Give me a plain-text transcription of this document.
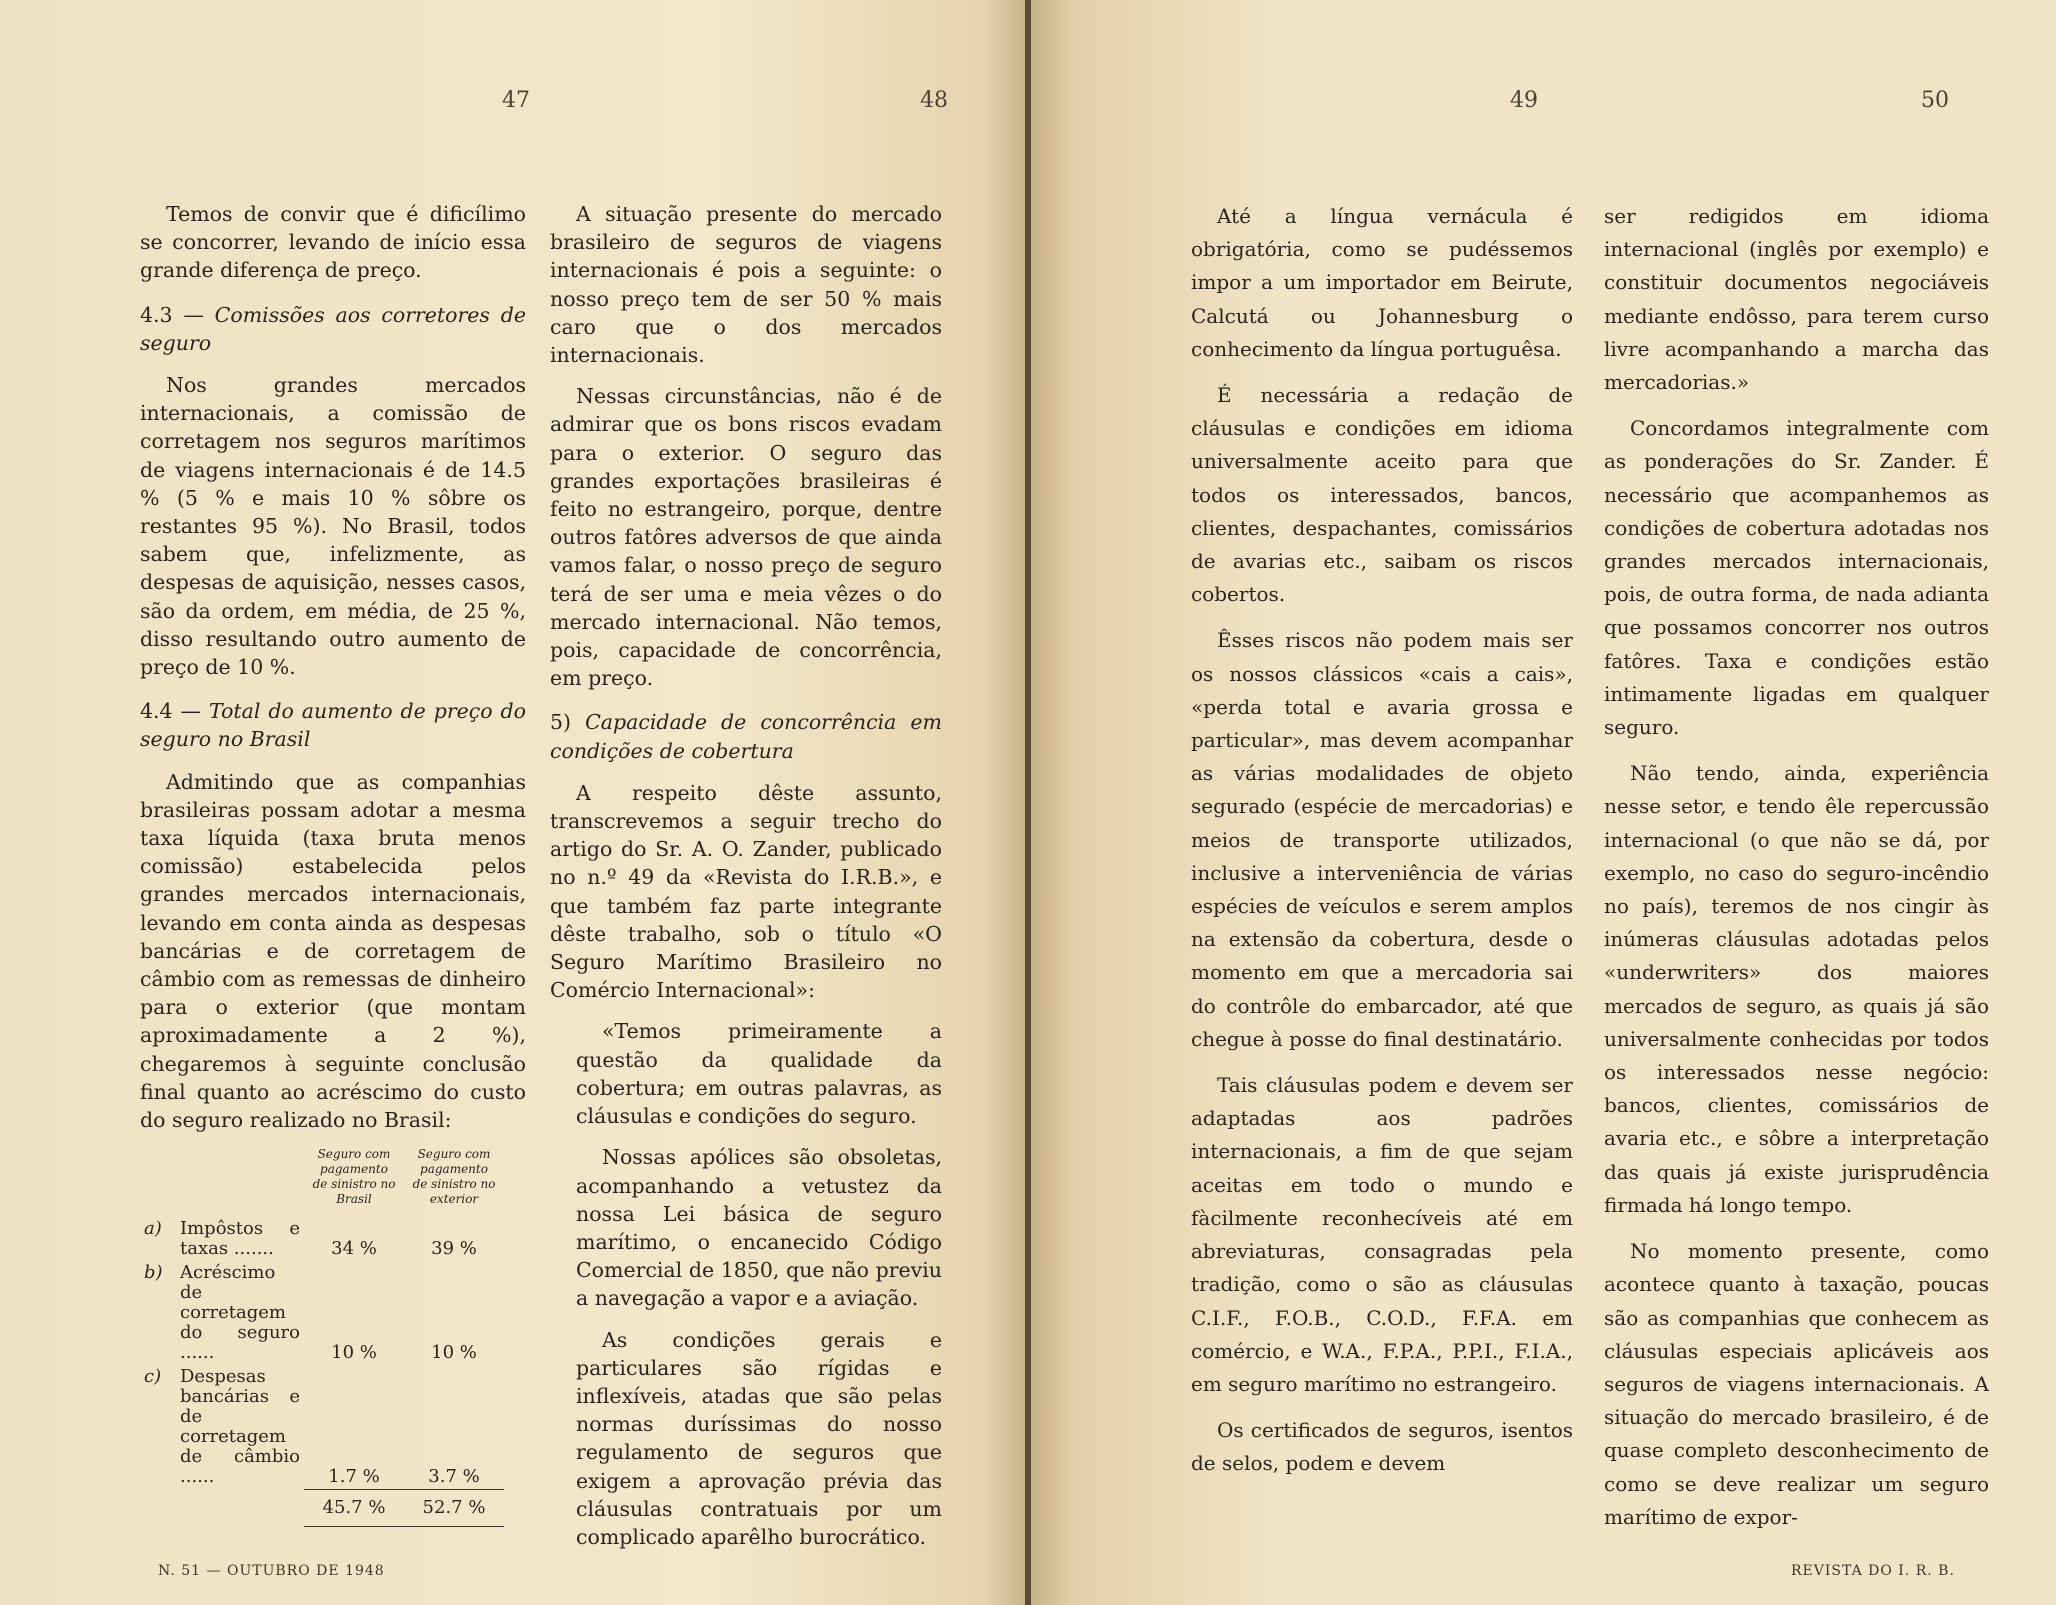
47	48

Temos de convir que é dificílimo se concorrer, levando de início essa grande diferença de preço.

4.3 — Comissões aos corretores de seguro

Nos grandes mercados internacionais, a comissão de corretagem nos seguros marítimos de viagens internacionais é de 14.5 % (5 % e mais 10 % sôbre os restantes 95 %). No Brasil, todos sabem que, infelizmente, as despesas de aquisição, nesses casos, são da ordem, em média, de 25 %, disso resultando outro aumento de preço de 10 %.

4.4 — Total do aumento de preço do seguro no Brasil

Admitindo que as companhias brasileiras possam adotar a mesma taxa líquida (taxa bruta menos comissão) estabelecida pelos grandes mercados internacionais, levando em conta ainda as despesas bancárias e de corretagem de câmbio com as remessas de dinheiro para o exterior (que montam aproximadamente a 2 %), chegaremos à seguinte conclusão final quanto ao acréscimo do custo do seguro realizado no Brasil:

		Seguro com pagamento de sinistro no Brasil	Seguro com pagamento de sinistro no exterior
a)	Impôstos e taxas .......	34 %	39 %
b)	Acréscimo de corretagem do seguro ......	10 %	10 %
c)	Despesas bancárias e de corretagem de câmbio ......	1.7 %	3.7 %
		45.7 %	52.7 %

A situação presente do mercado brasileiro de seguros de viagens internacionais é pois a seguinte: o nosso preço tem de ser 50 % mais caro que o dos mercados internacionais.

Nessas circunstâncias, não é de admirar que os bons riscos evadam para o exterior. O seguro das grandes exportações brasileiras é feito no estrangeiro, porque, dentre outros fatôres adversos de que ainda vamos falar, o nosso preço de seguro terá de ser uma e meia vêzes o do mercado internacional. Não temos, pois, capacidade de concorrência, em preço.

5) Capacidade de concorrência em condições de cobertura

A respeito dêste assunto, transcrevemos a seguir trecho do artigo do Sr. A. O. Zander, publicado no n.º 49 da «Revista do I.R.B.», e que também faz parte integrante dêste trabalho, sob o título «O Seguro Marítimo Brasileiro no Comércio Internacional»:

«Temos primeiramente a questão da qualidade da cobertura; em outras palavras, as cláusulas e condições do seguro.

Nossas apólices são obsoletas, acompanhando a vetustez da nossa Lei básica de seguro marítimo, o encanecido Código Comercial de 1850, que não previu a navegação a vapor e a aviação.

As condições gerais e particulares são rígidas e inflexíveis, atadas que são pelas normas duríssimas do nosso regulamento de seguros que exigem a aprovação prévia das cláusulas contratuais por um complicado aparêlho burocrático.

N. 51 — OUTUBRO DE 1948
49	50

Até a língua vernácula é obrigatória, como se pudéssemos impor a um importador em Beirute, Calcutá ou Johannesburg o conhecimento da língua portuguêsa.

É necessária a redação de cláusulas e condições em idioma universalmente aceito para que todos os interessados, bancos, clientes, despachantes, comissários de avarias etc., saibam os riscos cobertos.

Êsses riscos não podem mais ser os nossos clássicos «cais a cais», «perda total e avaria grossa e particular», mas devem acompanhar as várias modalidades de objeto segurado (espécie de mercadorias) e meios de transporte utilizados, inclusive a interveniência de várias espécies de veículos e serem amplos na extensão da cobertura, desde o momento em que a mercadoria sai do contrôle do embarcador, até que chegue à posse do final destinatário.

Tais cláusulas podem e devem ser adaptadas aos padrões internacionais, a fim de que sejam aceitas em todo o mundo e fàcilmente reconhecíveis até em abreviaturas, consagradas pela tradição, como o são as cláusulas C.I.F., F.O.B., C.O.D., F.F.A. em comércio, e W.A., F.P.A., P.P.I., F.I.A., em seguro marítimo no estrangeiro.

Os certificados de seguros, isentos de selos, podem e devem

ser redigidos em idioma internacional (inglês por exemplo) e constituir documentos negociáveis mediante endôsso, para terem curso livre acompanhando a marcha das mercadorias.»

Concordamos integralmente com as ponderações do Sr. Zander. É necessário que acompanhemos as condições de cobertura adotadas nos grandes mercados internacionais, pois, de outra forma, de nada adianta que possamos concorrer nos outros fatôres. Taxa e condições estão intimamente ligadas em qualquer seguro.

Não tendo, ainda, experiência nesse setor, e tendo êle repercussão internacional (o que não se dá, por exemplo, no caso do seguro-incêndio no país), teremos de nos cingir às inúmeras cláusulas adotadas pelos «underwriters» dos maiores mercados de seguro, as quais já são universalmente conhecidas por todos os interessados nesse negócio: bancos, clientes, comissários de avaria etc., e sôbre a interpretação das quais já existe jurisprudência firmada há longo tempo.

No momento presente, como acontece quanto à taxação, poucas são as companhias que conhecem as cláusulas especiais aplicáveis aos seguros de viagens internacionais. A situação do mercado brasileiro, é de quase completo desconhecimento de como se deve realizar um seguro marítimo de expor-

REVISTA DO I. R. B.
